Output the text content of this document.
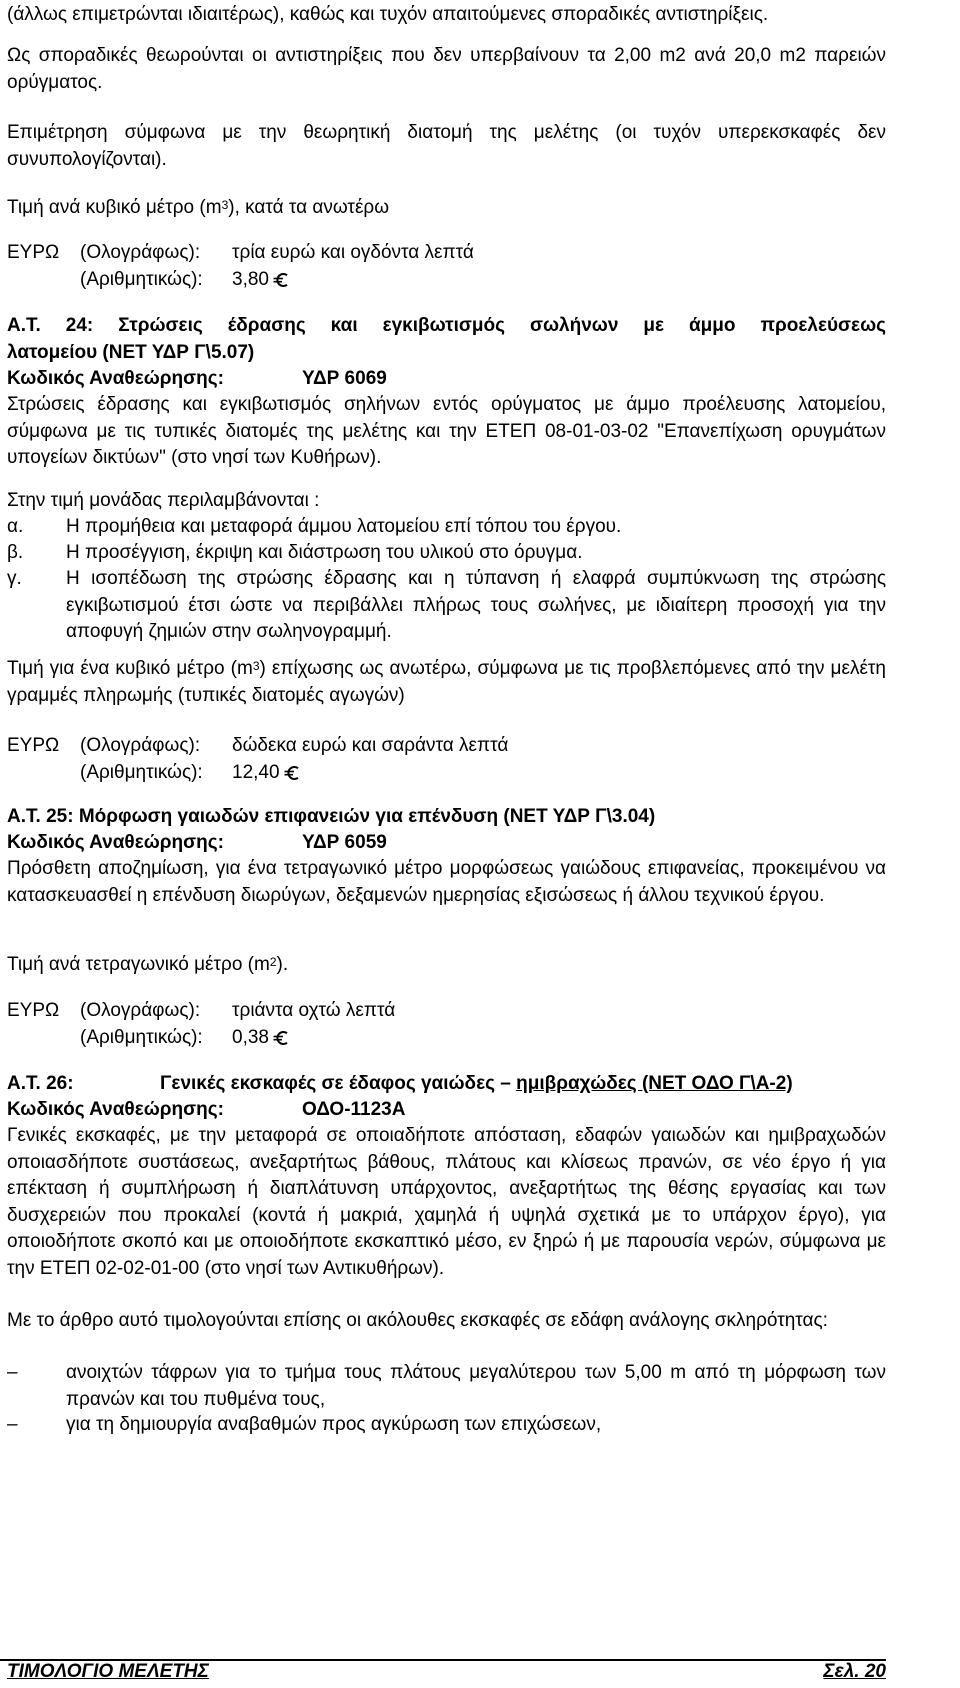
(άλλως επιμετρώνται ιδιαιτέρως), καθώς και τυχόν απαιτούμενες σποραδικές αντιστηρίξεις.

Ως σποραδικές θεωρούνται οι αντιστηρίξεις που δεν υπερβαίνουν τα 2,00 m2 ανά 20,0 m2 παρειών ορύγματος.

Επιμέτρηση σύμφωνα με την θεωρητική διατομή της μελέτης (οι τυχόν υπερεκσκαφές δεν συνυπολογίζονται).

Τιμή ανά κυβικό μέτρο $(m^3)$, κατά τα ανωτέρω
ΕΥΡΩ (Ολογράφως): τρία ευρώ και ογδόντα λεπτά
(Αριθμητικώς): 3,80
Α.Τ. 24: Στρώσεις έδρασης και εγκιβωτισμός σωλήνων με άμμο προελεύσεως
λατομείου (ΝΕΤ ΥΔΡ Γ\5.07)
Κωδικός Αναθεώρησης:	ΥΔΡ 6069

Στρώσεις έδρασης και εγκιβωτισμός σηλήνων εντός ορύγματος με άμμο προέλευσης λατομείου, σύμφωνα με τις τυπικές διατομές της μελέτης και την ΕΤΕΠ 08-01-03-02 "Επανεπίχωση ορυγμάτων υπογείων δικτύων" (στο νησί των Κυθήρων).

Στην τιμή μονάδας περιλαμβάνονται :
α. Η προμήθεια και μεταφορά άμμου λατομείου επί τόπου του έργου.

β. Η προσέγγιση, έκριψη και διάστρωση του υλικού στο όρυγμα.

γ. Η ισοπέδωση της στρώσης έδρασης και η τύπανση ή ελαφρά συμπύκνωση της στρώσης εγκιβωτισμού έτσι ώστε να περιβάλλει πλήρως τους σωλήνες, με ιδιαίτερη προσοχή για την αποφυγή ζημιών στην σωληνογραμμή.

Τιμή για ένα κυβικό μέτρο $(m^3)$ επίχωσης ως ανωτέρω, σύμφωνα με τις προβλεπόμενες από την μελέτη γραμμές πληρωμής (τυπικές διατομές αγωγών)

ΕΥΡΩ (Ολογράφως): δώδεκα ευρώ και σαράντα λεπτά
(Αριθμητικώς): 12,40
Α.Τ. 25: Μόρφωση γαιωδών επιφανειών για επένδυση (ΝΕΤ ΥΔΡ Γ\3.04)
Κωδικός Αναθεώρησης:	ΥΔΡ 6059

Πρόσθετη αποζημίωση, για ένα τετραγωνικό μέτρο μορφώσεως γαιώδους επιφανείας, προκειμένου να κατασκευασθεί η επένδυση διωρύγων, δεξαμενών ημερησίας εξισώσεως ή άλλου τεχνικού έργου.

Τιμή ανά τετραγωνικό μέτρο $(m^2)$.
ΕΥΡΩ (Ολογράφως): τριάντα οχτώ λεπτά
(Αριθμητικώς): 0,38
Α.Τ. 26:	Γενικές εκσκαφές σε έδαφος γαιώδες – ημιβραχώδες (ΝΕΤ ΟΔΟ Γ\Α-2)
Κωδικός Αναθεώρησης:	ΟΔΟ-1123Α

Γενικές εκσκαφές, με την μεταφορά σε οποιαδήποτε απόσταση, εδαφών γαιωδών και ημιβραχωδών οποιασδήποτε συστάσεως, ανεξαρτήτως βάθους, πλάτους και κλίσεως πρανών, σε νέο έργο ή για επέκταση ή συμπλήρωση ή διαπλάτυνση υπάρχοντος, ανεξαρτήτως της θέσης εργασίας και των δυσχερειών που προκαλεί (κοντά ή μακριά, χαμηλά ή υψηλά σχετικά με το υπάρχον έργο), για οποιοδήποτε σκοπό και με οποιοδήποτε εκσκαπτικό μέσο, εν ξηρώ ή με παρουσία νερών, σύμφωνα με την ΕΤΕΠ 02-02-01-00 (στο νησί των Αντικυθήρων).

Με το άρθρο αυτό τιμολογούνται επίσης οι ακόλουθες εκσκαφές σε εδάφη ανάλογης σκληρότητας:

–	ανοιχτών τάφρων για το τμήμα τους πλάτους μεγαλύτερου των 5,00 m από τη μόρφωση των πρανών και του πυθμένα τους,

–	για τη δημιουργία αναβαθμών προς αγκύρωση των επιχώσεων,

ΤΙΜΟΛΟΓΙΟ ΜΕΛΕΤΗΣ	Σελ. 20
